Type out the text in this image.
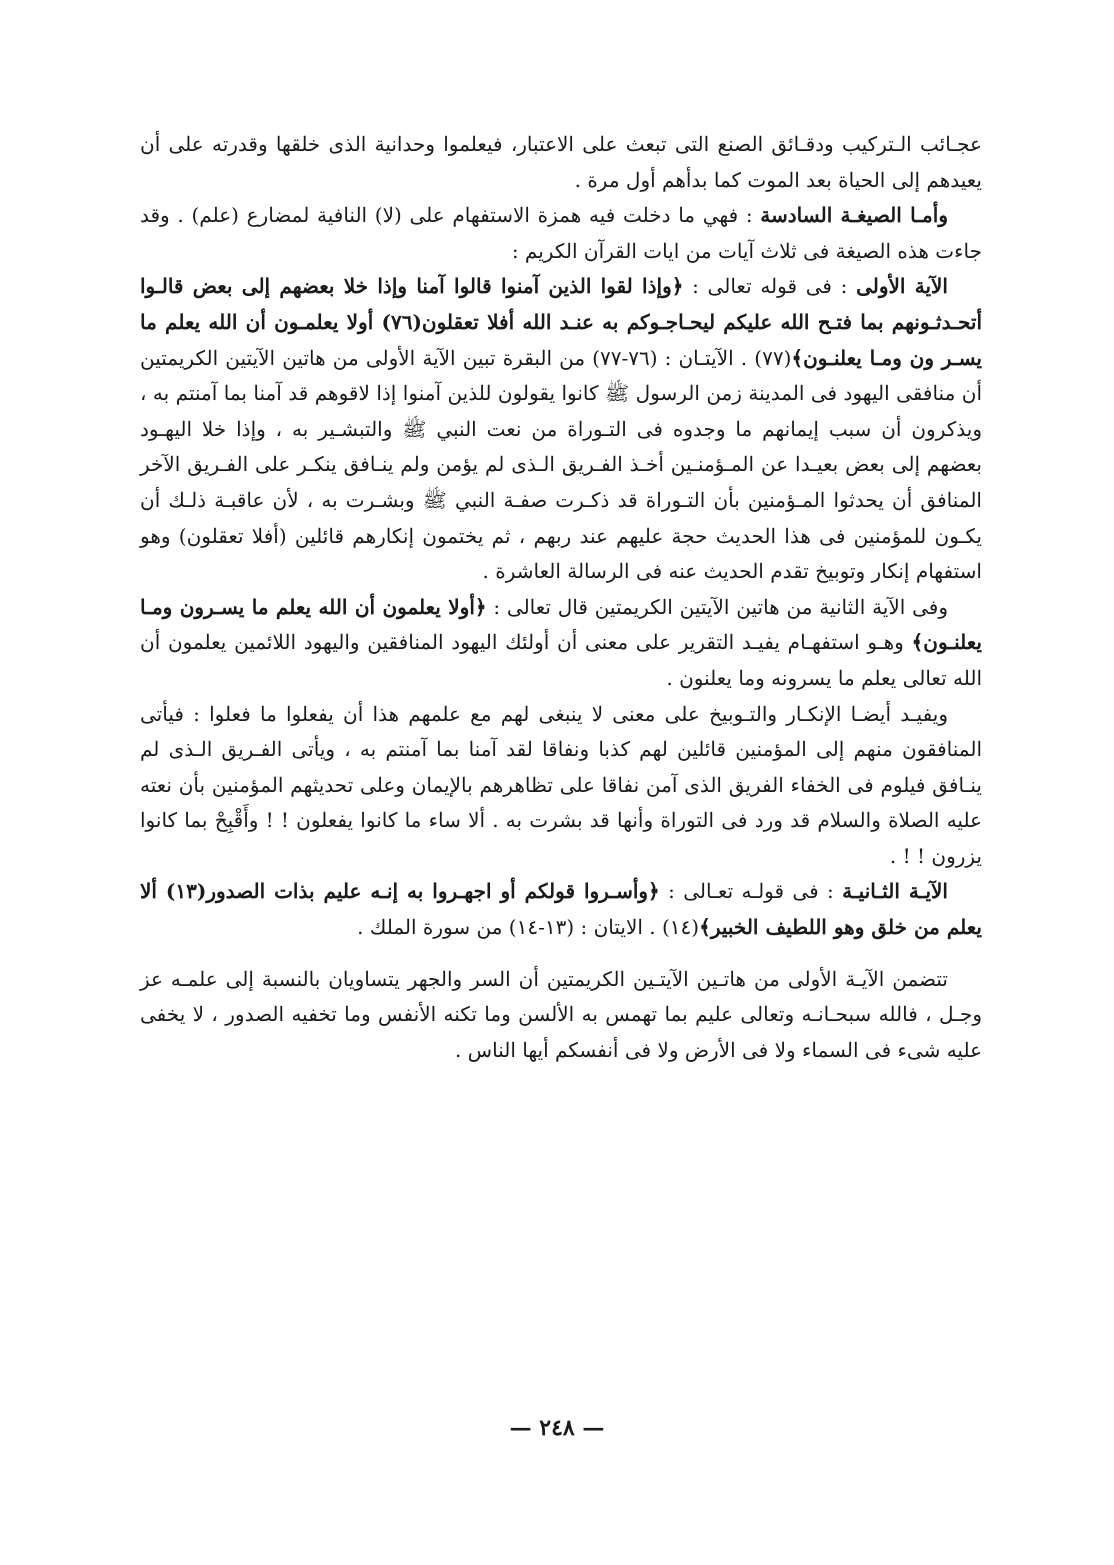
عجـائب الـتركيب ودقـائق الصنع التى تبعث على الاعتبار، فيعلموا وحدانية الذى خلقها وقدرته على أن يعيدهم إلى الحياة بعد الموت كما بدأهم أول مرة .

وأمـا الصيغـة السادسة : فهي ما دخلت فيه همزة الاستفهام على (لا) النافية لمضارع (علم) . وقد جاءت هذه الصيغة فى ثلاث آيات من ايات القرآن الكريم :

الآية الأولى : فى قوله تعالى : ﴿وإذا لقوا الذين آمنوا قالوا آمنا وإذا خلا بعضهم إلى بعض قالـوا أتحـدثـونهم بما فتـح الله عليكم ليحـاجـوكم به عنـد الله أفلا تعقلون(٧٦) أولا يعلمـون أن الله يعلم ما يسـر ون ومـا يعلنـون﴾(٧٧) . الآيتـان : (٧٦-٧٧) من البقرة تبين الآية الأولى من هاتين الآيتين الكريمتين أن منافقى اليهود فى المدينة زمن الرسول ﷺ كانوا يقولون للذين آمنوا إذا لاقوهم قد آمنا بما آمنتم به ، ويذكرون أن سبب إيمانهم ما وجدوه فى التـوراة من نعت النبي ﷺ والتبشـير به ، وإذا خلا اليهـود بعضهم إلى بعض بعيـدا عن المـؤمنـين أخـذ الفـريق الـذى لم يؤمن ولم ينـافق ينكـر على الفـريق الآخر المنافق أن يحدثوا المـؤمنين بأن التـوراة قد ذكـرت صفـة النبي ﷺ وبشـرت به ، لأن عاقبـة ذلـك أن يكـون للمؤمنين فى هذا الحديث حجة عليهم عند ربهم ، ثم يختمون إنكارهم قائلين (أفلا تعقلون) وهو استفهام إنكار وتوبيخ تقدم الحديث عنه فى الرسالة العاشرة .

وفى الآية الثانية من هاتين الآيتين الكريمتين قال تعالى : ﴿أولا يعلمون أن الله يعلم ما يسـرون ومـا يعلنـون﴾ وهـو استفهـام يفيـد التقرير على معنى أن أولئك اليهود المنافقين واليهود اللائمين يعلمون أن الله تعالى يعلم ما يسرونه وما يعلنون .

ويفيـد أيضـا الإنكـار والتـوبيخ على معنى لا ينبغى لهم مع علمهم هذا أن يفعلوا ما فعلوا : فيأتى المنافقون منهم إلى المؤمنين قائلين لهم كذبا ونفاقا لقد آمنا بما آمنتم به ، ويأتى الفـريق الـذى لم ينـافق فيلوم فى الخفاء الفريق الذى آمن نفاقا على تظاهرهم بالإيمان وعلى تحديثهم المؤمنين بأن نعته عليه الصلاة والسلام قد ورد فى التوراة وأنها قد بشرت به . ألا ساء ما كانوا يفعلون ! ! وأَقْبِحْ بما كانوا يزرون ! ! .

الآيـة الثـانيـة : فى قولـه تعـالى : ﴿وأسـروا قولكم أو اجهـروا به إنـه عليم بذات الصدور(١٣) ألا يعلم من خلق وهو اللطيف الخبير﴾(١٤) . الايتان : (١٣-١٤) من سورة الملك .

تتضمن الآيـة الأولى من هاتـين الآيتـين الكريمتين أن السر والجهر يتساويان بالنسبة إلى علمـه عز وجـل ، فالله سبحـانـه وتعالى عليم بما تهمس به الألسن وما تكنه الأنفس وما تخفيه الصدور ، لا يخفى عليه شىء فى السماء ولا فى الأرض ولا فى أنفسكم أيها الناس .

— ٢٤٨ —
